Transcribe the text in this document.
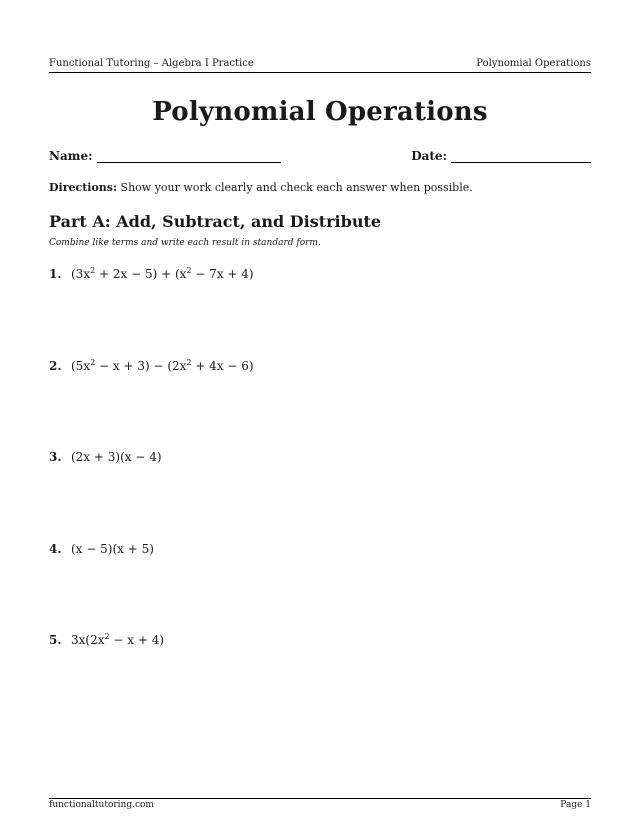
Functional Tutoring – Algebra I Practice	Polynomial Operations
Polynomial Operations
Name:	Date:
Directions: Show your work clearly and check each answer when possible.
Part A: Add, Subtract, and Distribute
Combine like terms and write each result in standard form.
1. $(3x^2 + 2x - 5) + (x^2 - 7x + 4)$
2. $(5x^2 - x + 3) - (2x^2 + 4x - 6)$
3. (2x + 3)(x − 4)
4. (x − 5)(x + 5)
5. $3x(2x^2 - x + 4)$
functionaltutoring.com	Page 1
